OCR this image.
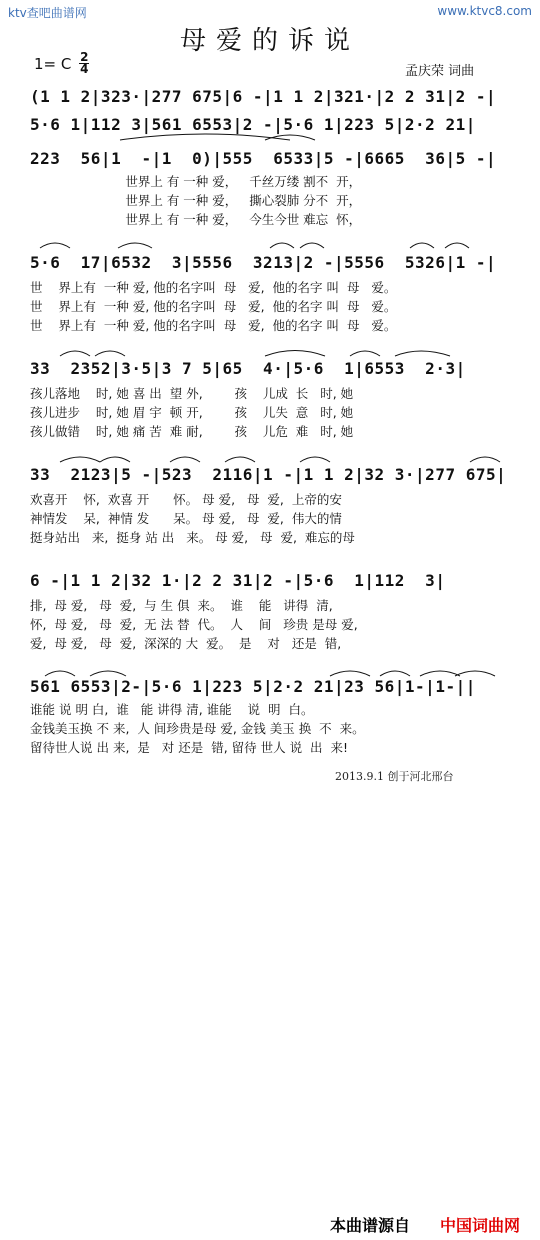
ktv查吧曲谱网	www.ktvc8.com
母爱的诉说
1= C 2
4	孟庆荣 词曲
(1 1 2|323·|277 675|6 -|1 1 2|321·|2 2 31|2 -|
5·6 1|112 3|561 6553|2 -|5·6 1|223 5|2·2 21|
223  56|1  -|1  0)|555  6533|5 -|6665  36|5 -|
世界上 有 一种 爱，   千丝万缕 割不  开，
世界上 有 一种 爱，   撕心裂肺 分不  开，
世界上 有 一种 爱，   今生今世 难忘  怀，
5·6  17|6532  3|5556  3213|2 -|5556  5326|1 -|
世    界上有  一种 爱, 他的名字叫  母   爱,  他的名字 叫  母   爱。
世    界上有  一种 爱, 他的名字叫  母   爱,  他的名字 叫  母   爱。
世    界上有  一种 爱, 他的名字叫  母   爱,  他的名字 叫  母   爱。
33  2352|3·5|3 7 5|65  4·|5·6  1|6553  2·3|
孩儿落地    时, 她 喜 出  望 外,        孩    儿成  长   时, 她
孩儿进步    时, 她 眉 宇  顿 开,        孩    儿失  意   时, 她
孩儿做错    时, 她 痛 苦  难 耐,        孩    儿危  难   时, 她
33  2123|5 -|523  2116|1 -|1 1 2|32 3·|277 675|
欢喜开    怀,  欢喜 开      怀。 母 爱,   母  爱,  上帝的安
神情发    呆,  神情 发      呆。 母 爱,   母  爱,  伟大的情
挺身站出   来,  挺身 站 出   来。 母 爱,   母  爱,  难忘的母
6 -|1 1 2|32 1·|2 2 31|2 -|5·6  1|112  3|
排,  母 爱,   母  爱,  与 生 俱  来。  谁    能   讲得  清,
怀,  母 爱,   母  爱,  无 法 替  代。  人    间   珍贵 是母 爱,
爱,  母 爱,   母  爱,  深深的 大  爱。  是    对   还是  错,
561 6553|2-|5·6 1|223 5|2·2 21|23 56|1-|1-||
谁能 说 明 白,  谁   能 讲得 清, 谁能    说  明  白。
金钱美玉换 不 来,  人 间珍贵是母 爱, 金钱 美玉 换  不  来。
留待世人说 出 来,  是   对 还是  错, 留待 世人 说  出  来!
2013.9.1 创于河北邢台
本曲谱源自 中国词曲网
